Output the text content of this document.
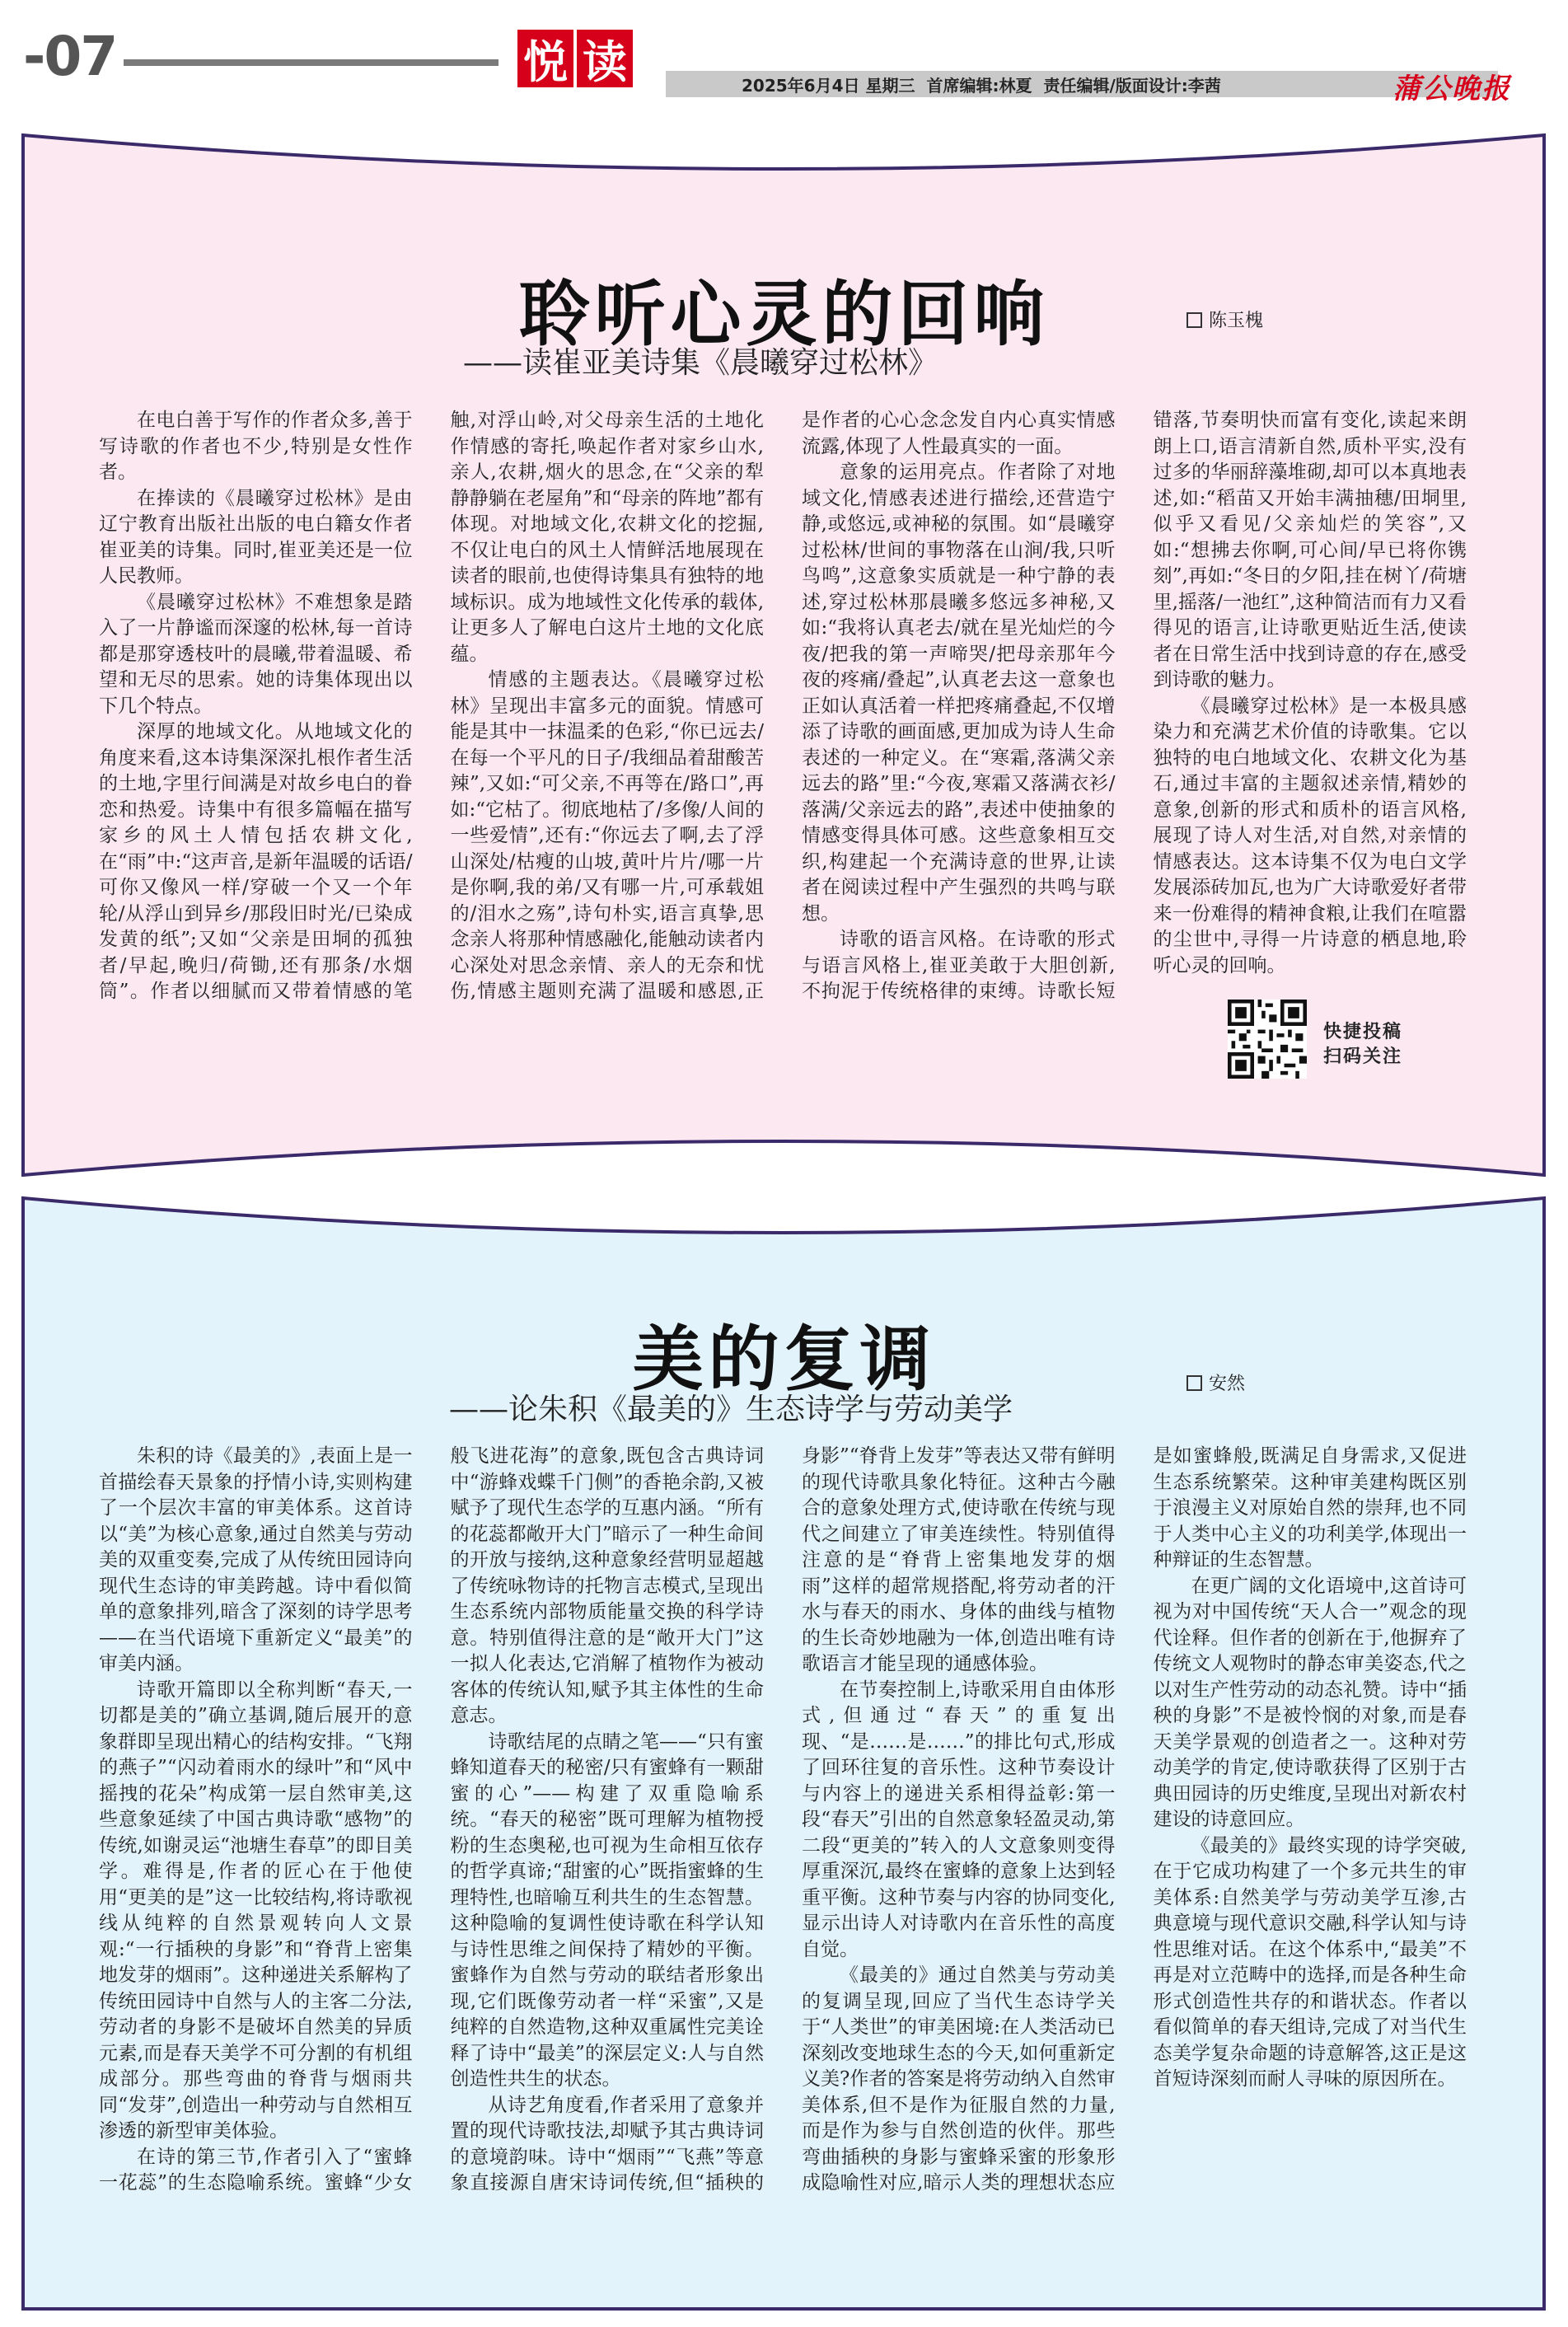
-07	悦 读	2025年6月4日 星期三 首席编辑:林夏 责任编辑/版面设计:李茜	蒲公晚报
聆听心灵的回响
——读崔亚美诗集《晨曦穿过松林》
陈玉槐

在电白善于写作的作者众多,善于写诗歌的作者也不少,特别是女性作者。

在捧读的《晨曦穿过松林》是由辽宁教育出版社出版的电白籍女作者崔亚美的诗集。同时,崔亚美还是一位人民教师。

《晨曦穿过松林》不难想象是踏入了一片静谧而深邃的松林,每一首诗都是那穿透枝叶的晨曦,带着温暖、希望和无尽的思索。她的诗集体现出以下几个特点。

深厚的地域文化。从地域文化的角度来看,这本诗集深深扎根作者生活的土地,字里行间满是对故乡电白的眷恋和热爱。诗集中有很多篇幅在描写家乡的风土人情包括农耕文化,在“雨”中:“这声音,是新年温暖的话语/可你又像风一样/穿破一个又一个年轮/从浮山到异乡/那段旧时光/已染成发黄的纸”;又如“父亲是田垌的孤独者/早起,晚归/荷锄,还有那条/水烟筒”。作者以细腻而又带着情感的笔触,对浮山岭,对父母亲生活的土地化作情感的寄托,唤起作者对家乡山水,亲人,农耕,烟火的思念,在“父亲的犁 静静躺在老屋角”和“母亲的阵地”都有体现。对地域文化,农耕文化的挖掘,不仅让电白的风土人情鲜活地展现在读者的眼前,也使得诗集具有独特的地域标识。成为地域性文化传承的载体,让更多人了解电白这片土地的文化底蕴。

情感的主题表达。《晨曦穿过松林》呈现出丰富多元的面貌。情感可能是其中一抹温柔的色彩,“你已远去/在每一个平凡的日子/我细品着甜酸苦辣”,又如:“可父亲,不再等在/路口”,再如:“它枯了。彻底地枯了/多像/人间的一些爱情”,还有:“你远去了啊,去了浮山深处/枯瘦的山坡,黄叶片片/哪一片是你啊,我的弟/又有哪一片,可承载姐的/泪水之殇”,诗句朴实,语言真挚,思念亲人将那种情感融化,能触动读者内心深处对思念亲情、亲人的无奈和忧伤,情感主题则充满了温暖和感恩,正是作者的心心念念发自内心真实情感流露,体现了人性最真实的一面。

意象的运用亮点。作者除了对地域文化,情感表述进行描绘,还营造宁静,或悠远,或神秘的氛围。如“晨曦穿过松林/世间的事物落在山涧/我,只听鸟鸣”,这意象实质就是一种宁静的表述,穿过松林那晨曦多悠远多神秘,又如:“我将认真老去/就在星光灿烂的今夜/把我的第一声啼哭/把母亲那年今夜的疼痛/叠起”,认真老去这一意象也正如认真活着一样把疼痛叠起,不仅增添了诗歌的画面感,更加成为诗人生命表述的一种定义。在“寒霜,落满父亲远去的路”里:“今夜,寒霜又落满衣衫/落满/父亲远去的路”,表述中使抽象的情感变得具体可感。这些意象相互交织,构建起一个充满诗意的世界,让读者在阅读过程中产生强烈的共鸣与联想。

诗歌的语言风格。在诗歌的形式与语言风格上,崔亚美敢于大胆创新,不拘泥于传统格律的束缚。诗歌长短错落,节奏明快而富有变化,读起来朗朗上口,语言清新自然,质朴平实,没有过多的华丽辞藻堆砌,却可以本真地表述,如:“稻苗又开始丰满抽穗/田垌里,似乎又看见/父亲灿烂的笑容”,又如:“想拂去你啊,可心间/早已将你镌刻”,再如:“冬日的夕阳,挂在树丫/荷塘里,摇落/一池红”,这种简洁而有力又看得见的语言,让诗歌更贴近生活,使读者在日常生活中找到诗意的存在,感受到诗歌的魅力。

《晨曦穿过松林》是一本极具感染力和充满艺术价值的诗歌集。它以独特的电白地域文化、农耕文化为基石,通过丰富的主题叙述亲情,精妙的意象,创新的形式和质朴的语言风格,展现了诗人对生活,对自然,对亲情的情感表达。这本诗集不仅为电白文学发展添砖加瓦,也为广大诗歌爱好者带来一份难得的精神食粮,让我们在喧嚣的尘世中,寻得一片诗意的栖息地,聆听心灵的回响。

快捷投稿
扫码关注
美的复调
——论朱积《最美的》生态诗学与劳动美学
安然

朱积的诗《最美的》,表面上是一首描绘春天景象的抒情小诗,实则构建了一个层次丰富的审美体系。这首诗以“美”为核心意象,通过自然美与劳动美的双重变奏,完成了从传统田园诗向现代生态诗的审美跨越。诗中看似简单的意象排列,暗含了深刻的诗学思考——在当代语境下重新定义“最美”的审美内涵。

诗歌开篇即以全称判断“春天,一切都是美的”确立基调,随后展开的意象群即呈现出精心的结构安排。“飞翔的燕子”“闪动着雨水的绿叶”和“风中摇拽的花朵”构成第一层自然审美,这些意象延续了中国古典诗歌“感物”的传统,如谢灵运“池塘生春草”的即目美学。难得是,作者的匠心在于他使用“更美的是”这一比较结构,将诗歌视线从纯粹的自然景观转向人文景观:“一行插秧的身影”和“脊背上密集地发芽的烟雨”。这种递进关系解构了传统田园诗中自然与人的主客二分法,劳动者的身影不是破坏自然美的异质元素,而是春天美学不可分割的有机组成部分。那些弯曲的脊背与烟雨共同“发芽”,创造出一种劳动与自然相互渗透的新型审美体验。

在诗的第三节,作者引入了“蜜蜂一花蕊”的生态隐喻系统。蜜蜂“少女般飞进花海”的意象,既包含古典诗词中“游蜂戏蝶千门侧”的香艳余韵,又被赋予了现代生态学的互惠内涵。“所有的花蕊都敞开大门”暗示了一种生命间的开放与接纳,这种意象经营明显超越了传统咏物诗的托物言志模式,呈现出生态系统内部物质能量交换的科学诗意。特别值得注意的是“敞开大门”这一拟人化表达,它消解了植物作为被动客体的传统认知,赋予其主体性的生命意志。

诗歌结尾的点睛之笔——“只有蜜蜂知道春天的秘密/只有蜜蜂有一颗甜蜜的心”——构建了双重隐喻系统。“春天的秘密”既可理解为植物授粉的生态奥秘,也可视为生命相互依存的哲学真谛;“甜蜜的心”既指蜜蜂的生理特性,也暗喻互利共生的生态智慧。这种隐喻的复调性使诗歌在科学认知与诗性思维之间保持了精妙的平衡。蜜蜂作为自然与劳动的联结者形象出现,它们既像劳动者一样“采蜜”,又是纯粹的自然造物,这种双重属性完美诠释了诗中“最美”的深层定义:人与自然创造性共生的状态。

从诗艺角度看,作者采用了意象并置的现代诗歌技法,却赋予其古典诗词的意境韵味。诗中“烟雨”“飞燕”等意象直接源自唐宋诗词传统,但“插秧的身影”“脊背上发芽”等表达又带有鲜明的现代诗歌具象化特征。这种古今融合的意象处理方式,使诗歌在传统与现代之间建立了审美连续性。特别值得注意的是“脊背上密集地发芽的烟雨”这样的超常规搭配,将劳动者的汗水与春天的雨水、身体的曲线与植物的生长奇妙地融为一体,创造出唯有诗歌语言才能呈现的通感体验。

在节奏控制上,诗歌采用自由体形式,但通过“春天”的重复出现、“是……是……”的排比句式,形成了回环往复的音乐性。这种节奏设计与内容上的递进关系相得益彰:第一段“春天”引出的自然意象轻盈灵动,第二段“更美的”转入的人文意象则变得厚重深沉,最终在蜜蜂的意象上达到轻重平衡。这种节奏与内容的协同变化,显示出诗人对诗歌内在音乐性的高度自觉。

《最美的》通过自然美与劳动美的复调呈现,回应了当代生态诗学关于“人类世”的审美困境:在人类活动已深刻改变地球生态的今天,如何重新定义美?作者的答案是将劳动纳入自然审美体系,但不是作为征服自然的力量,而是作为参与自然创造的伙伴。那些弯曲插秧的身影与蜜蜂采蜜的形象形成隐喻性对应,暗示人类的理想状态应是如蜜蜂般,既满足自身需求,又促进生态系统繁荣。这种审美建构既区别于浪漫主义对原始自然的崇拜,也不同于人类中心主义的功利美学,体现出一种辩证的生态智慧。

在更广阔的文化语境中,这首诗可视为对中国传统“天人合一”观念的现代诠释。但作者的创新在于,他摒弃了传统文人观物时的静态审美姿态,代之以对生产性劳动的动态礼赞。诗中“插秧的身影”不是被怜悯的对象,而是春天美学景观的创造者之一。这种对劳动美学的肯定,使诗歌获得了区别于古典田园诗的历史维度,呈现出对新农村建设的诗意回应。

《最美的》最终实现的诗学突破,在于它成功构建了一个多元共生的审美体系:自然美学与劳动美学互渗,古典意境与现代意识交融,科学认知与诗性思维对话。在这个体系中,“最美”不再是对立范畴中的选择,而是各种生命形式创造性共存的和谐状态。作者以看似简单的春天组诗,完成了对当代生态美学复杂命题的诗意解答,这正是这首短诗深刻而耐人寻味的原因所在。
